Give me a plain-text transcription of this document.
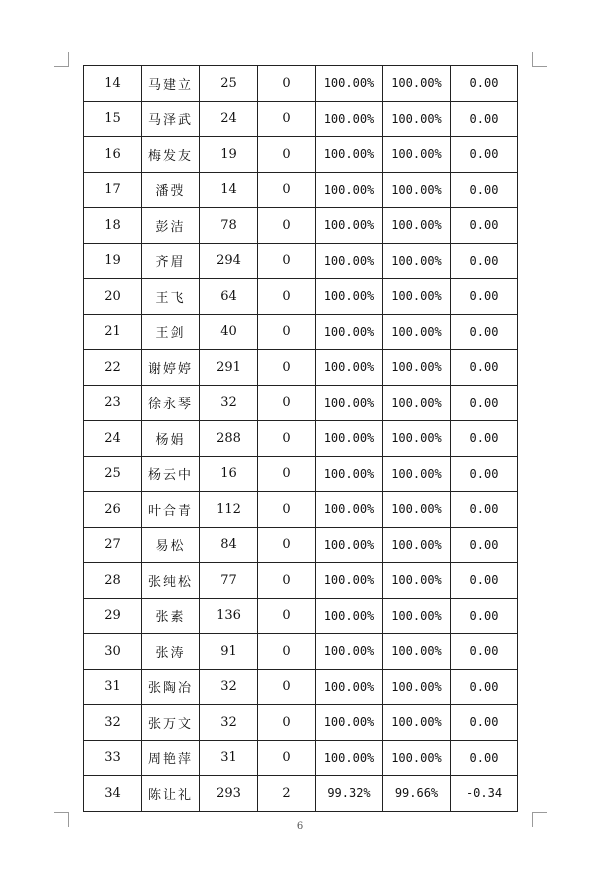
14	马建立	25	0	100.00%	100.00%	0.00
15	马泽武	24	0	100.00%	100.00%	0.00
16	梅发友	19	0	100.00%	100.00%	0.00
17	潘弢	14	0	100.00%	100.00%	0.00
18	彭洁	78	0	100.00%	100.00%	0.00
19	齐眉	294	0	100.00%	100.00%	0.00
20	王飞	64	0	100.00%	100.00%	0.00
21	王剑	40	0	100.00%	100.00%	0.00
22	谢婷婷	291	0	100.00%	100.00%	0.00
23	徐永琴	32	0	100.00%	100.00%	0.00
24	杨娟	288	0	100.00%	100.00%	0.00
25	杨云中	16	0	100.00%	100.00%	0.00
26	叶合青	112	0	100.00%	100.00%	0.00
27	易松	84	0	100.00%	100.00%	0.00
28	张纯松	77	0	100.00%	100.00%	0.00
29	张素	136	0	100.00%	100.00%	0.00
30	张涛	91	0	100.00%	100.00%	0.00
31	张陶冶	32	0	100.00%	100.00%	0.00
32	张万文	32	0	100.00%	100.00%	0.00
33	周艳萍	31	0	100.00%	100.00%	0.00
34	陈让礼	293	2	99.32%	99.66%	-0.34
6
